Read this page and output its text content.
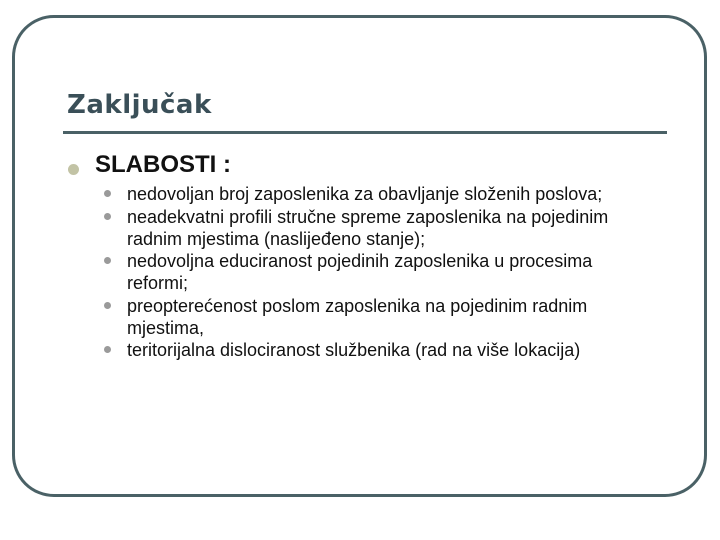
Zaključak
SLABOSTI :
nedovoljan broj zaposlenika za obavljanje složenih poslova;
neadekvatni profili stručne spreme zaposlenika na pojedinim radnim mjestima (naslijeđeno stanje);
nedovoljna educiranost pojedinih zaposlenika u procesima reformi;
preopterećenost poslom zaposlenika na pojedinim radnim mjestima,
teritorijalna dislociranost službenika (rad na više lokacija)
